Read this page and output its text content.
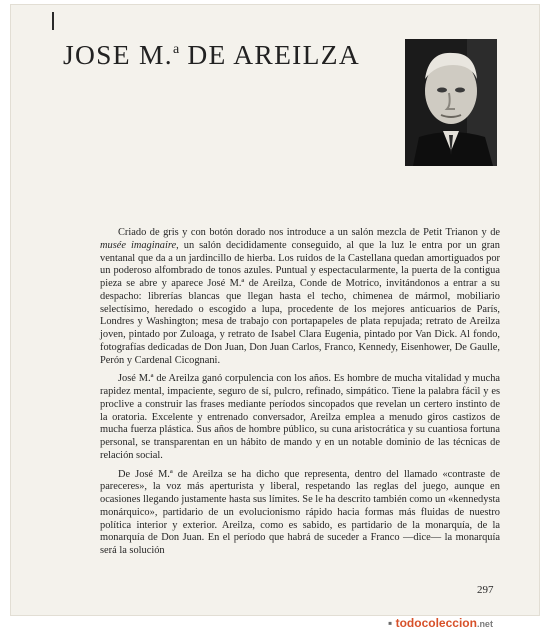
JOSE M.$^a$ DE AREILZA

Criado de gris y con botón dorado nos introduce a un salón mezcla de Petit Trianon y de musée imaginaire, un salón decididamente conseguido, al que la luz le entra por un gran ventanal que da a un jardincillo de hierba. Los ruidos de la Castellana quedan amortiguados por un poderoso alfombrado de tonos azules. Puntual y espectacularmente, la puerta de la contigua pieza se abre y aparece José M.ª de Areilza, Conde de Motrico, invitándonos a entrar a su despacho: librerías blancas que llegan hasta el techo, chimenea de mármol, mobiliario selectísimo, heredado o escogido a lupa, procedente de los mejores anticuarios de París, Londres y Washington; mesa de trabajo con portapapeles de plata repujada; retrato de Areilza joven, pintado por Zuloaga, y retrato de Isabel Clara Eugenia, pintado por Van Dick. Al fondo, fotografías dedicadas de Don Juan, Don Juan Carlos, Franco, Kennedy, Eisenhower, De Gaulle, Perón y Cardenal Cicognani.

José M.ª de Areilza ganó corpulencia con los años. Es hombre de mucha vitalidad y mucha rapidez mental, impaciente, seguro de sí, pulcro, refinado, simpático. Tiene la palabra fácil y es proclive a construir las frases mediante períodos sincopados que revelan un certero instinto de la oratoria. Excelente y entrenado conversador, Areilza emplea a menudo giros castizos de mucha fuerza plástica. Sus años de hombre público, su cuna aristocrática y su cuantiosa fortuna personal, se transparentan en un hábito de mando y en un notable dominio de las técnicas de relación social.

De José M.ª de Areilza se ha dicho que representa, dentro del llamado «contraste de pareceres», la voz más aperturista y liberal, respetando las reglas del juego, aunque en ocasiones llegando justamente hasta sus límites. Se le ha descrito también como un «kennedysta monárquico», partidario de un evolucionismo rápido hacia formas más fluidas de nuestro política interior y exterior. Areilza, como es sabido, es partidario de la monarquía, de la monarquía de Don Juan. En el período que habrá de suceder a Franco —dice— la monarquía será la solución

297
▪ todocoleccion.net
